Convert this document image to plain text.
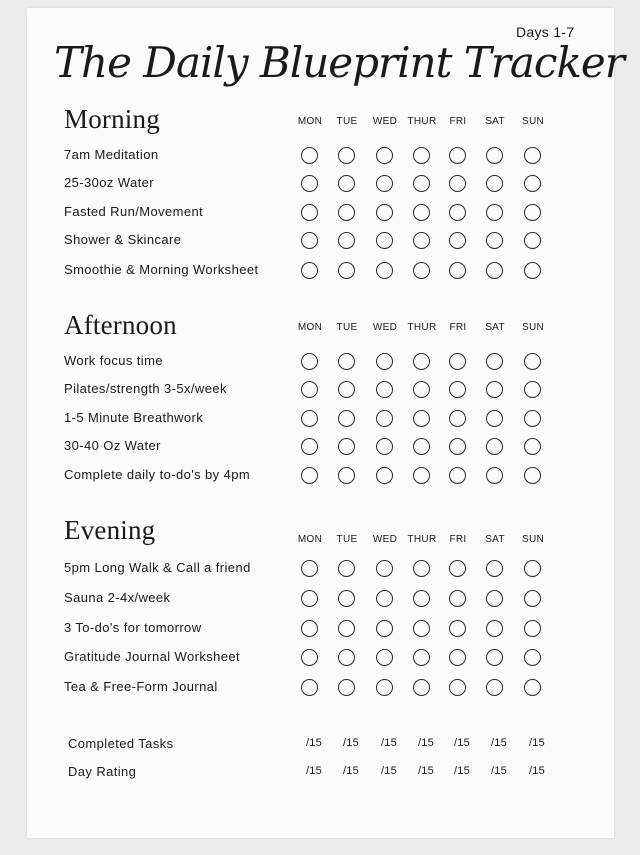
Days 1-7
The Daily Blueprint Tracker
Morning	MON	TUE	WED	THUR	FRI	SAT	SUN
7am Meditation
25-30oz Water
Fasted Run/Movement
Shower & Skincare
Smoothie & Morning Worksheet
Afternoon	MON	TUE	WED	THUR	FRI	SAT	SUN
Work focus time
Pilates/strength 3-5x/week
1-5 Minute Breathwork
30-40 Oz Water
Complete daily to-do's by 4pm
Evening	MON	TUE	WED	THUR	FRI	SAT	SUN
5pm Long Walk & Call a friend
Sauna 2-4x/week
3 To-do's for tomorrow
Gratitude Journal Worksheet
Tea & Free-Form Journal
Completed Tasks	/15	/15	/15	/15	/15	/15	/15
Day Rating	/15	/15	/15	/15	/15	/15	/15
